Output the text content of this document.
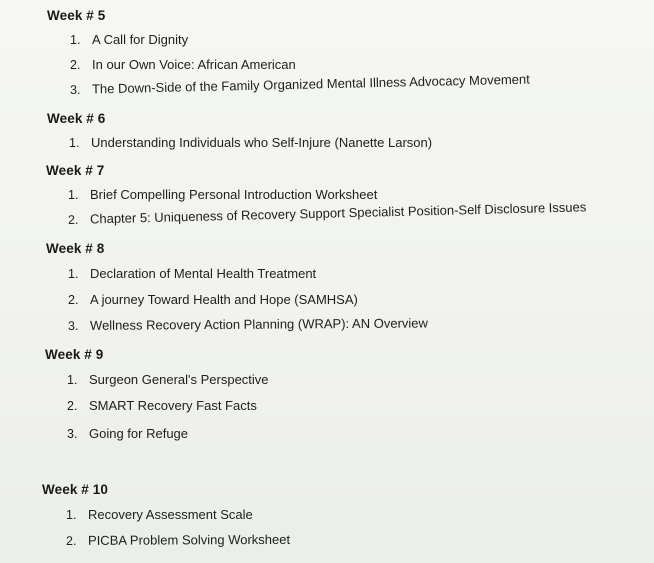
Week # 5
1. A Call for Dignity
2. In our Own Voice: African American
3. The Down-Side of the Family Organized Mental Illness Advocacy Movement
Week # 6
1. Understanding Individuals who Self-Injure (Nanette Larson)
Week # 7
1. Brief Compelling Personal Introduction Worksheet
2. Chapter 5: Uniqueness of Recovery Support Specialist Position-Self Disclosure Issues
Week # 8
1. Declaration of Mental Health Treatment
2. A journey Toward Health and Hope (SAMHSA)
3. Wellness Recovery Action Planning (WRAP): AN Overview
Week # 9
1. Surgeon General's Perspective
2. SMART Recovery Fast Facts
3. Going for Refuge
Week # 10
1. Recovery Assessment Scale
2. PICBA Problem Solving Worksheet
